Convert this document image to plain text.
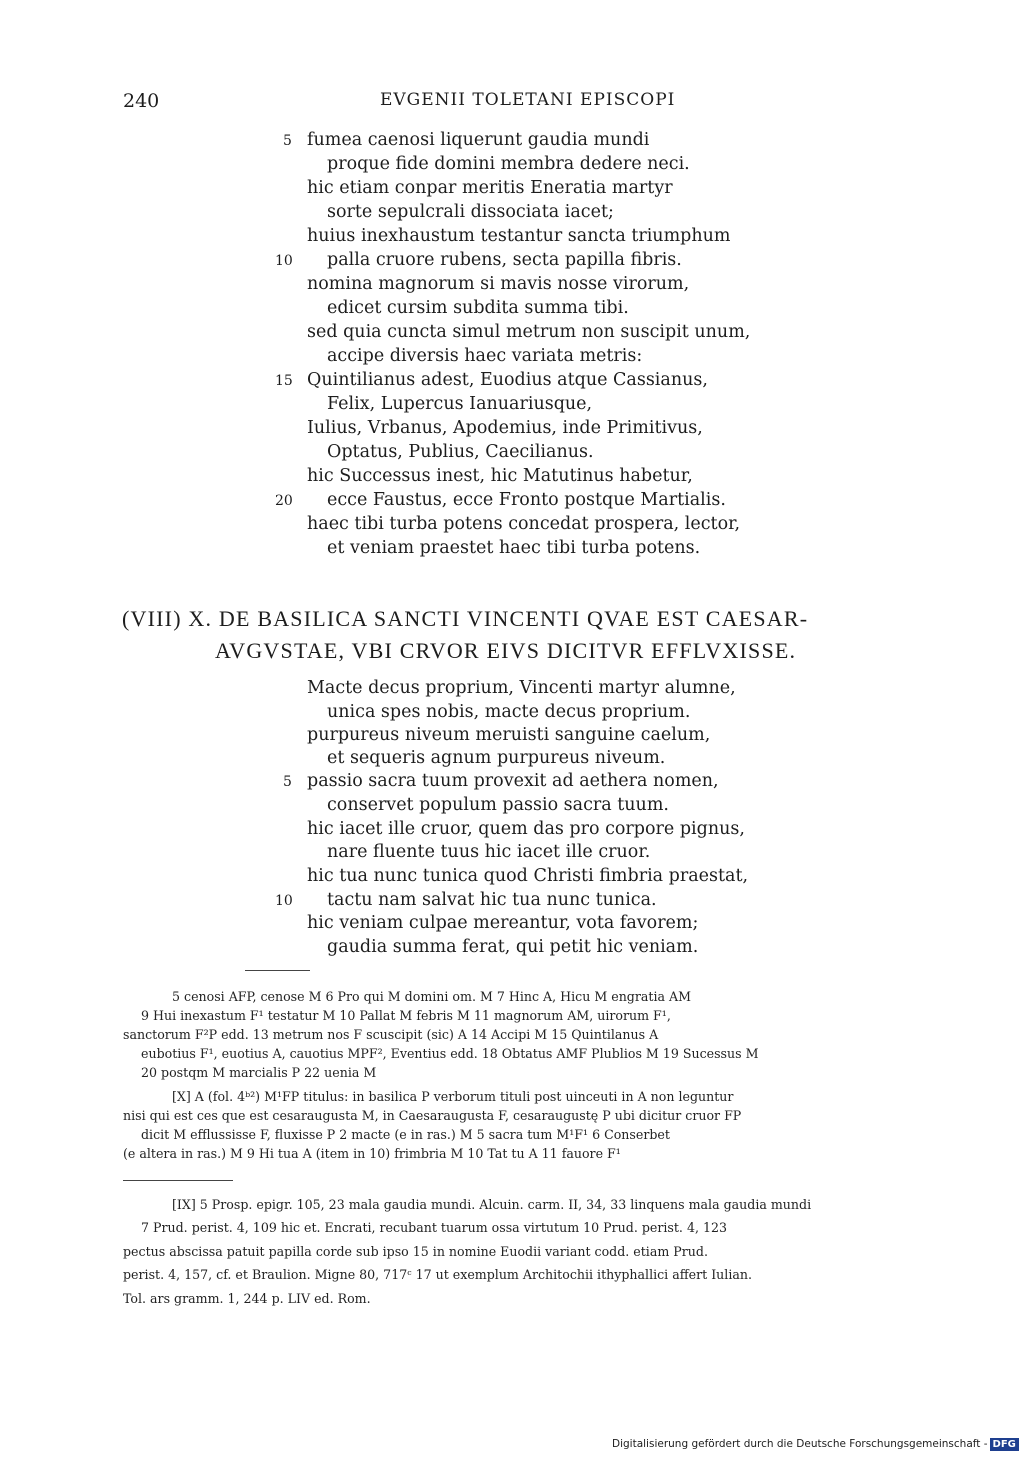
240	EVGENII TOLETANI EPISCOPI
5 fumea caenosi liquerunt gaudia mundi
proque fide domini membra dedere neci.
hic etiam conpar meritis Eneratia martyr
sorte sepulcrali dissociata iacet;
huius inexhaustum testantur sancta triumphum
10 palla cruore rubens, secta papilla fibris.
nomina magnorum si mavis nosse virorum,
edicet cursim subdita summa tibi.
sed quia cuncta simul metrum non suscipit unum,
accipe diversis haec variata metris:
15 Quintilianus adest, Euodius atque Cassianus,
Felix, Lupercus Ianuariusque,
Iulius, Vrbanus, Apodemius, inde Primitivus,
Optatus, Publius, Caecilianus.
hic Successus inest, hic Matutinus habetur,
20 ecce Faustus, ecce Fronto postque Martialis.
haec tibi turba potens concedat prospera, lector,
et veniam praestet haec tibi turba potens.
(VIII) X. DE BASILICA SANCTI VINCENTI QVAE EST CAESAR-
AVGVSTAE, VBI CRVOR EIVS DICITVR EFFLVXISSE.
Macte decus proprium, Vincenti martyr alumne,
unica spes nobis, macte decus proprium.
purpureus niveum meruisti sanguine caelum,
et sequeris agnum purpureus niveum.
5 passio sacra tuum provexit ad aethera nomen,
conservet populum passio sacra tuum.
hic iacet ille cruor, quem das pro corpore pignus,
nare fluente tuus hic iacet ille cruor.
hic tua nunc tunica quod Christi fimbria praestat,
10 tactu nam salvat hic tua nunc tunica.
hic veniam culpae mereantur, vota favorem;
gaudia summa ferat, qui petit hic veniam.
5 cenosi AFP, cenose M 6 Pro qui M domini om. M 7 Hinc A, Hicu M engratia AM
9 Hui inexastum F¹ testatur M 10 Pallat M febris M 11 magnorum AM, uirorum F¹,
sanctorum F²P edd. 13 metrum nos F scuscipit (sic) A 14 Accipi M 15 Quintilanus A
eubotius F¹, euotius A, cauotius MPF², Eventius edd. 18 Obtatus AMF Plublios M 19 Sucessus M
20 postqm M marcialis P 22 uenia M
[X] A (fol. 4ᵇ²) M¹FP titulus: in basilica P verborum tituli post uinceuti in A non leguntur
nisi qui est ces que est cesaraugusta M, in Caesaraugusta F, cesaraugustę P ubi dicitur cruor FP
dicit M efflussisse F, fluxisse P 2 macte (e in ras.) M 5 sacra tum M¹F¹ 6 Conserbet
(e altera in ras.) M 9 Hi tua A (item in 10) frimbria M 10 Tat tu A 11 fauore F¹
[IX] 5 Prosp. epigr. 105, 23 mala gaudia mundi. Alcuin. carm. II, 34, 33 linquens mala gaudia mundi
7 Prud. perist. 4, 109 hic et. Encrati, recubant tuarum ossa virtutum 10 Prud. perist. 4, 123
pectus abscissa patuit papilla corde sub ipso 15 in nomine Euodii variant codd. etiam Prud.
perist. 4, 157, cf. et Braulion. Migne 80, 717ᶜ 17 ut exemplum Architochii ithyphallici affert Iulian.
Tol. ars gramm. 1, 244 p. LIV ed. Rom.
Digitalisierung gefördert durch die Deutsche Forschungsgemeinschaft - DFG
